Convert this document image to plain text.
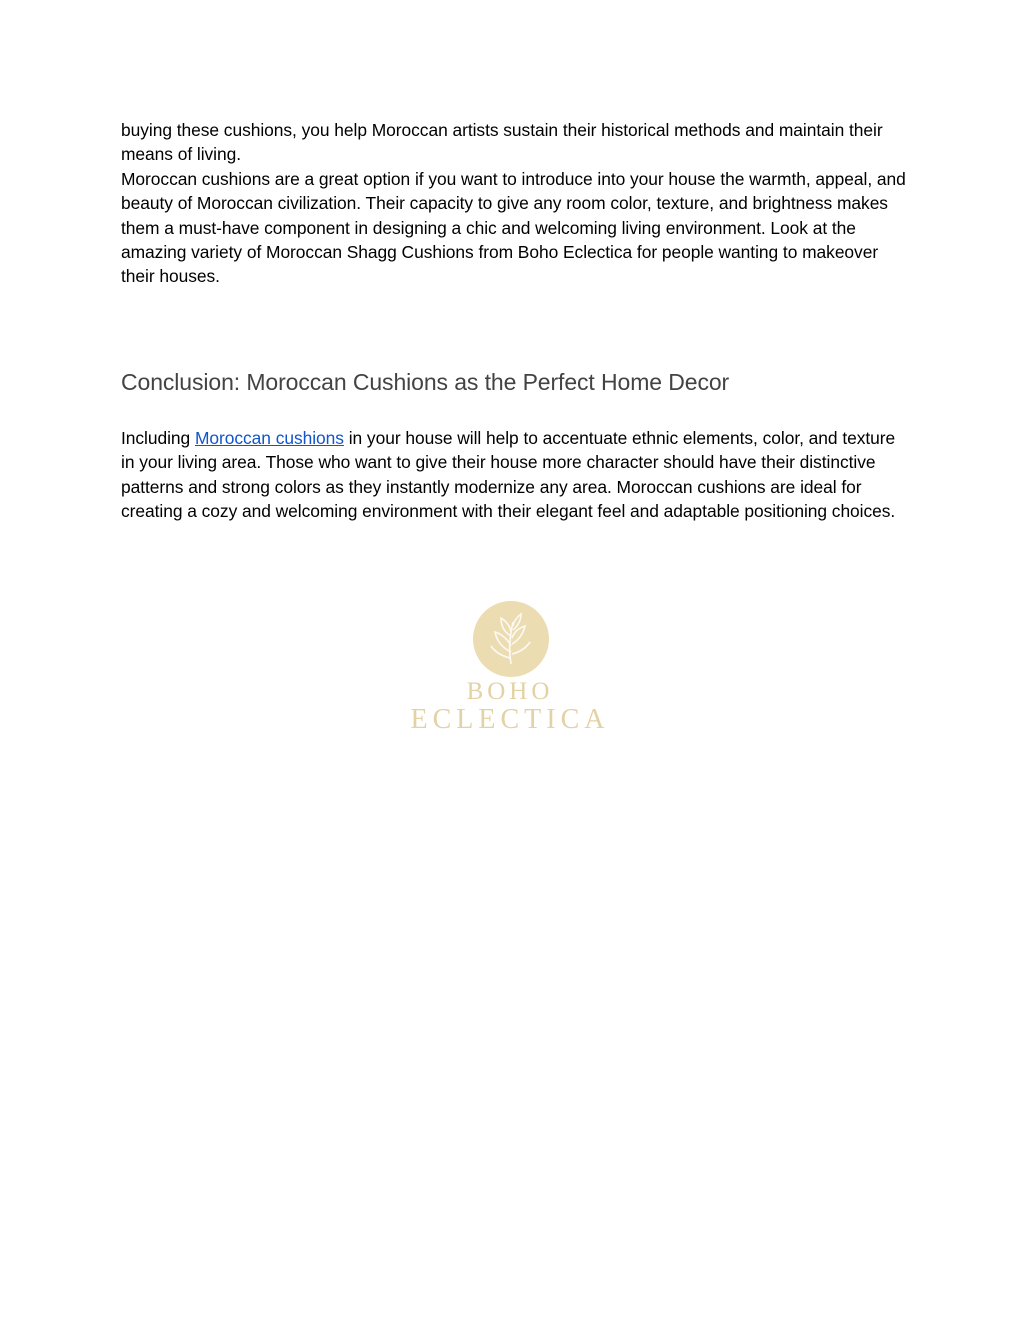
buying these cushions, you help Moroccan artists sustain their historical methods and maintain their means of living.

Moroccan cushions are a great option if you want to introduce into your house the warmth, appeal, and beauty of Moroccan civilization. Their capacity to give any room color, texture, and brightness makes them a must-have component in designing a chic and welcoming living environment. Look at the amazing variety of Moroccan Shagg Cushions from Boho Eclectica for people wanting to makeover their houses.

Conclusion: Moroccan Cushions as the Perfect Home Decor

Including Moroccan cushions in your house will help to accentuate ethnic elements, color, and texture in your living area. Those who want to give their house more character should have their distinctive patterns and strong colors as they instantly modernize any area. Moroccan cushions are ideal for creating a cozy and welcoming environment with their elegant feel and adaptable positioning choices.

BOHO
ECLECTICA
